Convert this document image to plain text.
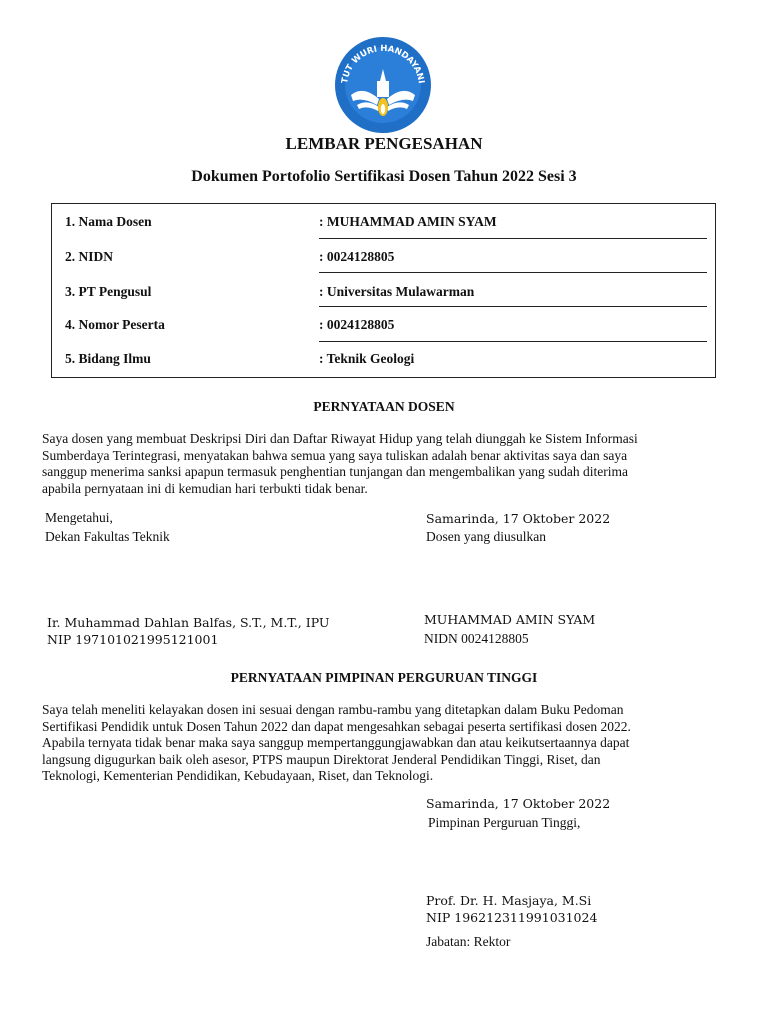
TUT WURI HANDAYANI
LEMBAR PENGESAHAN
Dokumen Portofolio Sertifikasi Dosen Tahun 2022 Sesi 3
1. Nama Dosen	: MUHAMMAD AMIN SYAM
2. NIDN	: 0024128805
3. PT Pengusul	: Universitas Mulawarman
4. Nomor Peserta	: 0024128805
5. Bidang Ilmu	: Teknik Geologi
PERNYATAAN DOSEN
Saya dosen yang membuat Deskripsi Diri dan Daftar Riwayat Hidup yang telah diunggah ke Sistem Informasi
Sumberdaya Terintegrasi, menyatakan bahwa semua yang saya tuliskan adalah benar aktivitas saya dan saya
sanggup menerima sanksi apapun termasuk penghentian tunjangan dan mengembalikan yang sudah diterima
apabila pernyataan ini di kemudian hari terbukti tidak benar.
Mengetahui,
Dekan Fakultas Teknik
Ir. Muhammad Dahlan Balfas, S.T., M.T., IPU
NIP 197101021995121001
Samarinda, 17 Oktober 2022
Dosen yang diusulkan
MUHAMMAD AMIN SYAM
NIDN 0024128805
PERNYATAAN PIMPINAN PERGURUAN TINGGI
Saya telah meneliti kelayakan dosen ini sesuai dengan rambu-rambu yang ditetapkan dalam Buku Pedoman
Sertifikasi Pendidik untuk Dosen Tahun 2022 dan dapat mengesahkan sebagai peserta sertifikasi dosen 2022.
Apabila ternyata tidak benar maka saya sanggup mempertanggungjawabkan dan atau keikutsertaannya dapat
langsung digugurkan baik oleh asesor, PTPS maupun Direktorat Jenderal Pendidikan Tinggi, Riset, dan
Teknologi, Kementerian Pendidikan, Kebudayaan, Riset, dan Teknologi.
Samarinda, 17 Oktober 2022
Pimpinan Perguruan Tinggi,
Prof. Dr. H. Masjaya, M.Si
NIP 196212311991031024
Jabatan: Rektor
